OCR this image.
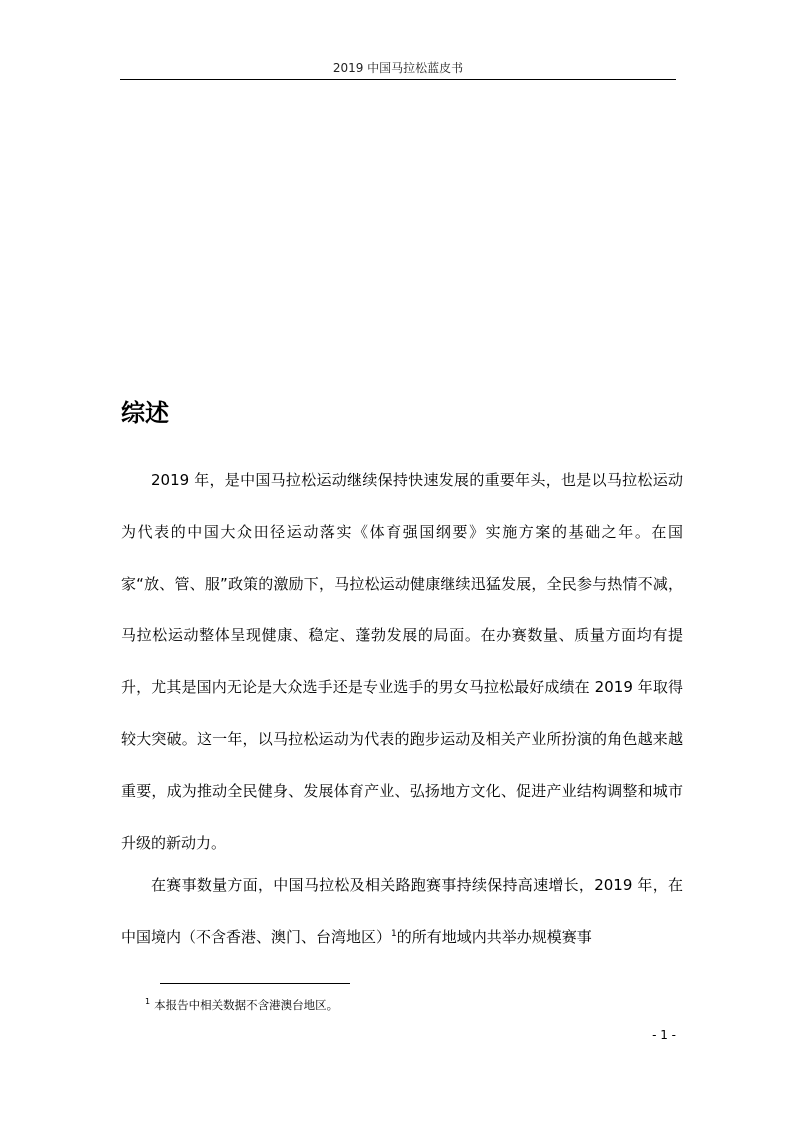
2019 中国马拉松蓝皮书
综述

2019 年，是中国马拉松运动继续保持快速发展的重要年头，也是以马拉松运动为代表的中国大众田径运动落实《体育强国纲要》实施方案的基础之年。在国家“放、管、服”政策的激励下，马拉松运动健康继续迅猛发展，全民参与热情不减，马拉松运动整体呈现健康、稳定、蓬勃发展的局面。在办赛数量、质量方面均有提升，尤其是国内无论是大众选手还是专业选手的男女马拉松最好成绩在 2019 年取得较大突破。这一年，以马拉松运动为代表的跑步运动及相关产业所扮演的角色越来越重要，成为推动全民健身、发展体育产业、弘扬地方文化、促进产业结构调整和城市升级的新动力。

在赛事数量方面，中国马拉松及相关路跑赛事持续保持高速增长，2019 年，在中国境内（不含香港、澳门、台湾地区）$^1$的所有地域内共举办规模赛事

$^1$ 本报告中相关数据不含港澳台地区。

- 1 -
